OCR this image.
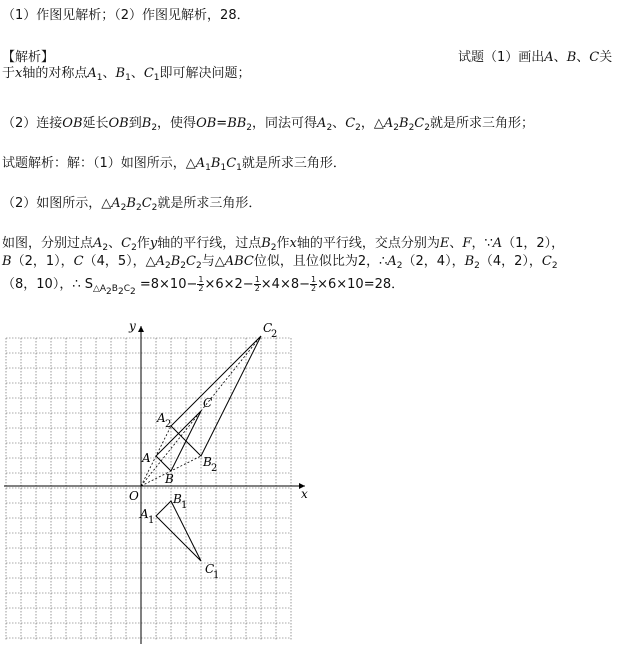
（1）作图见解析；（2）作图见解析，28．
【解析】	试题（1）画出A、B、C关
于x轴的对称点$A_1$、$B_1$、$C_1$即可解决问题；
（2）连接OB延长OB到$B_2$，使得$OB=BB_2$，同法可得$A_2$、$C_2$，$\triangle A_2B_2C_2$就是所求三角形；
试题解析：解：（1）如图所示，$\triangle A_1B_1C_1$就是所求三角形．
（2）如图所示，$\triangle A_2B_2C_2$就是所求三角形．
如图，分别过点$A_2$、$C_2$作y轴的平行线，过点$B_2$作x轴的平行线，交点分别为E、F，∵A（1，2），
B（2，1），C（4，5），$\triangle A_2B_2C_2$与△ABC位似，且位似比为2，$\therefore A_2(2$，4），$B_2(4$，2），$C_2$
（8，10），∴ $S_{\triangle A_2B_2C_2} =8\times 10- \frac{1}{2} \times 6\times 2- \frac{1}{2} \times 4\times 8- \frac{1}{2} \times 6\times 10=28$．
x
y
O
A
B
C
A 1
B 1
C
1
A 2
B 2
C
2
